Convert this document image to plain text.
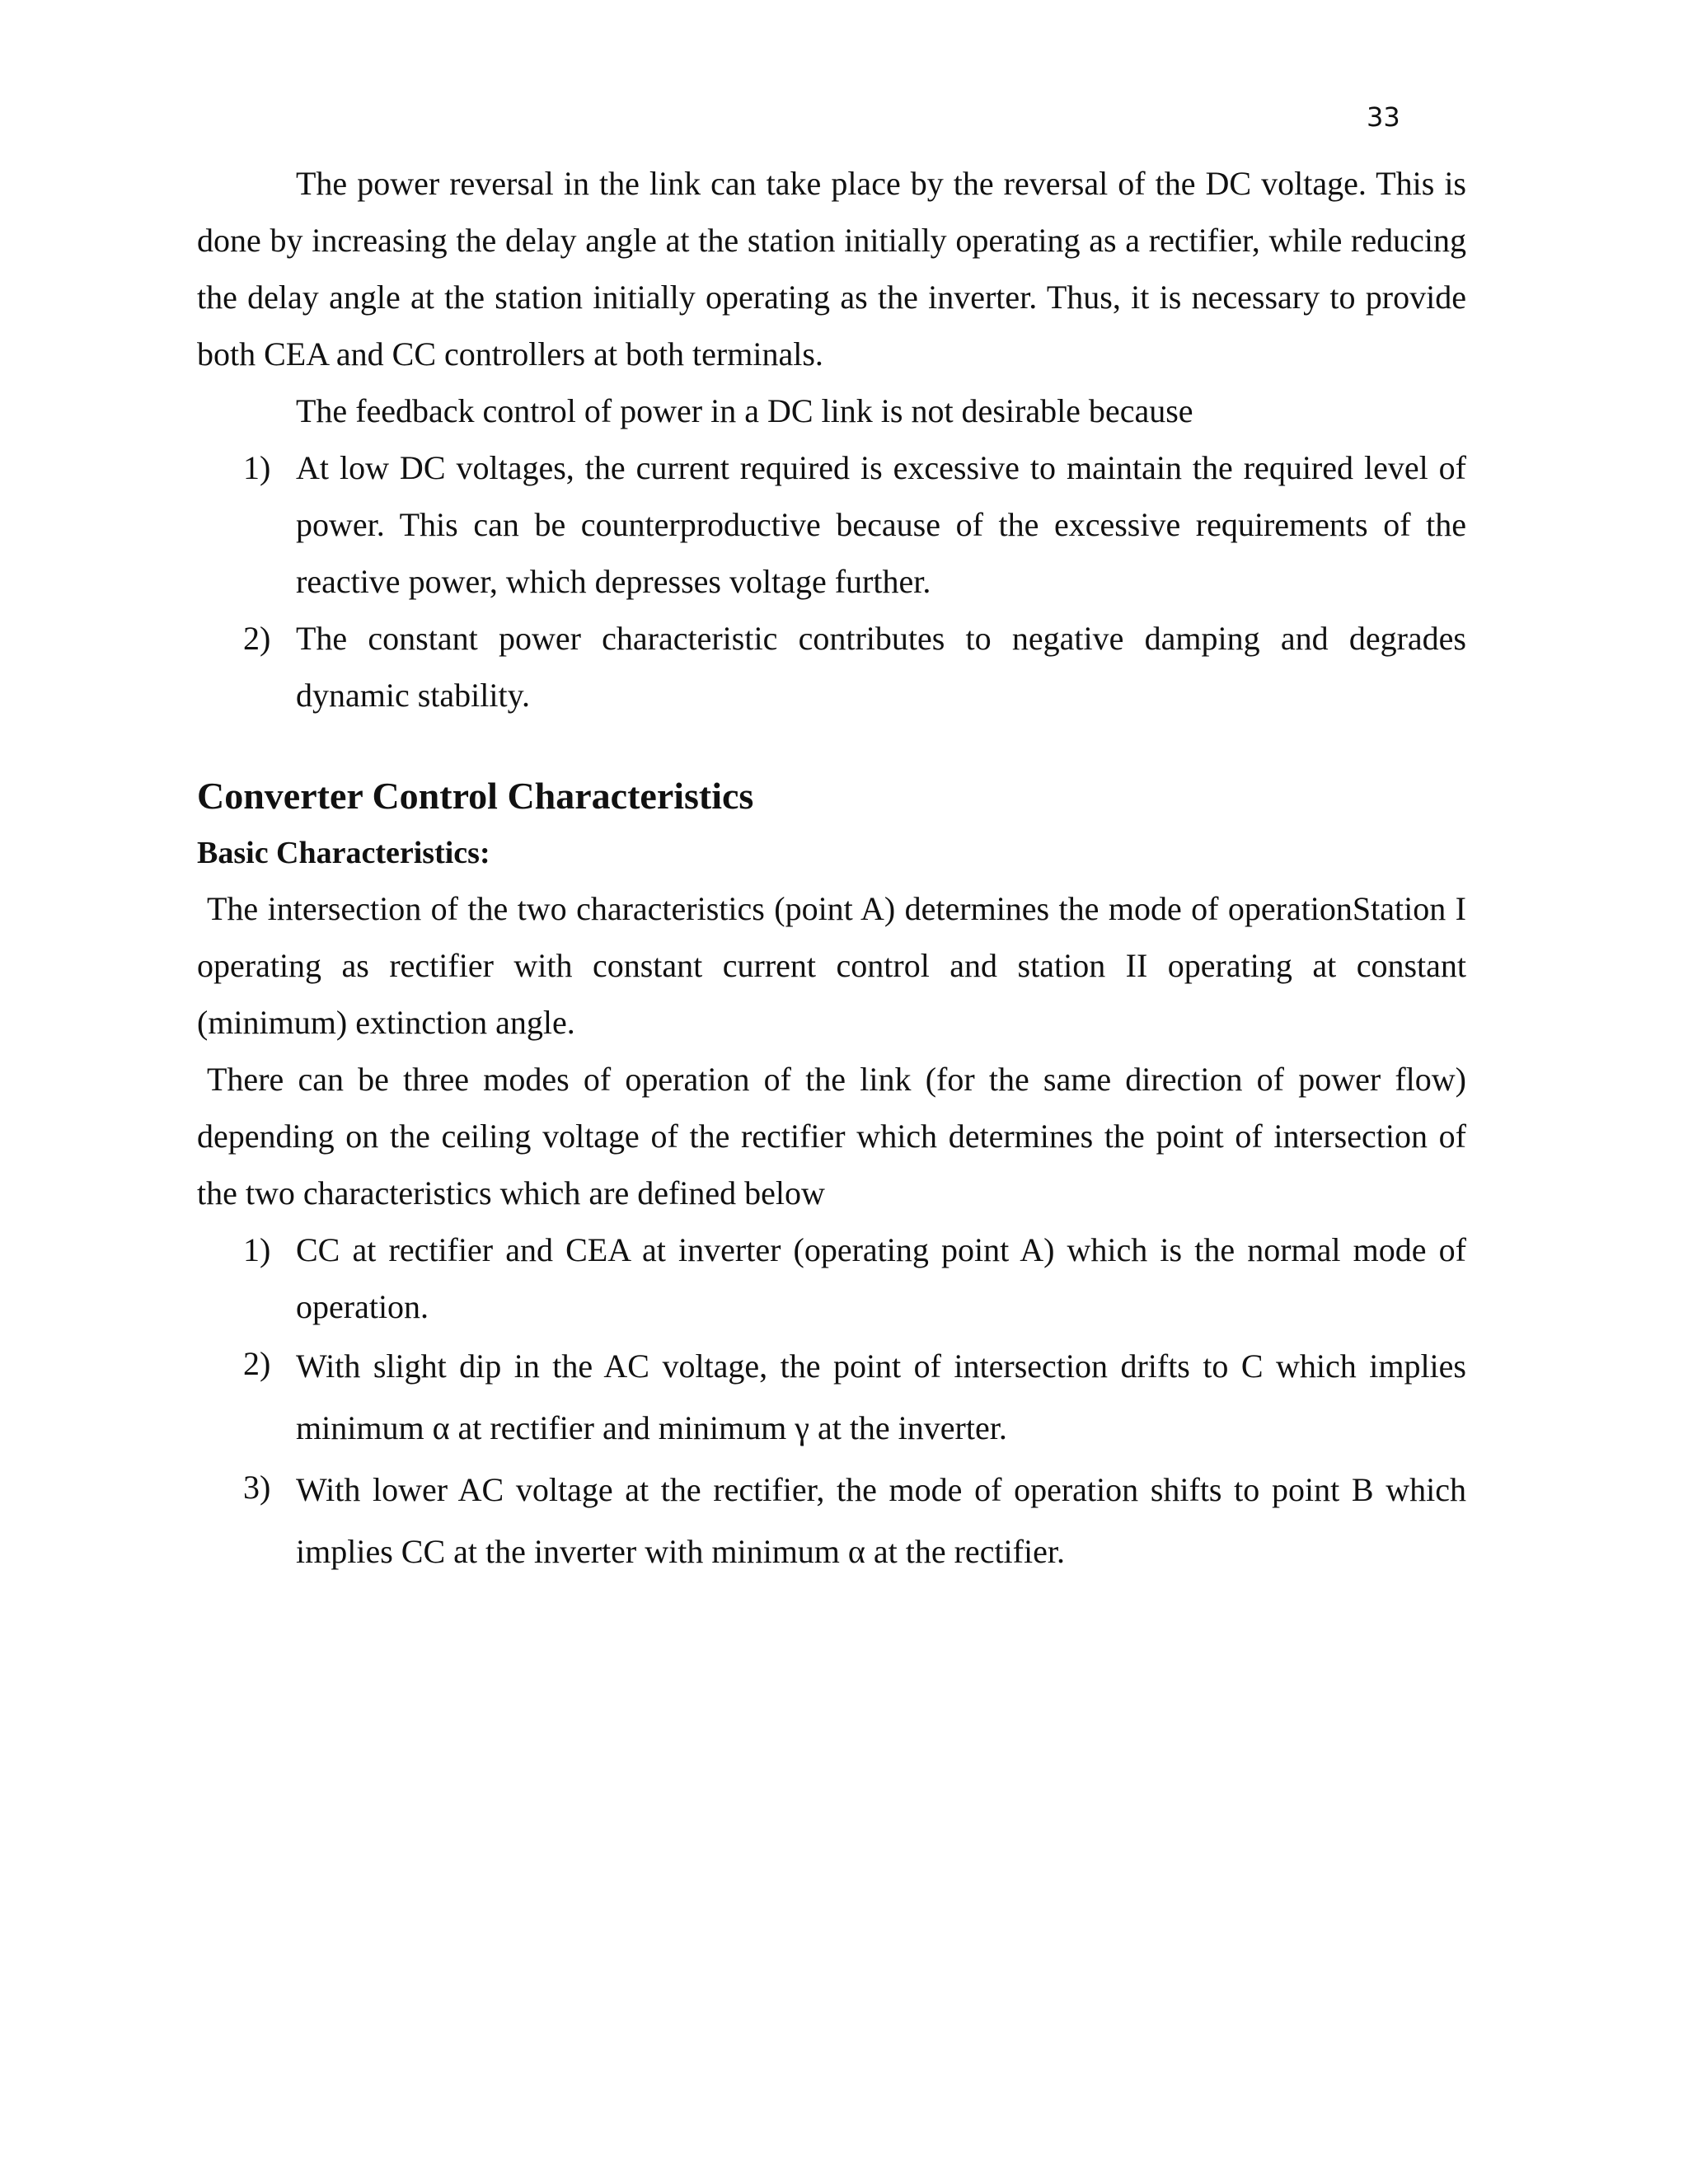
33

The power reversal in the link can take place by the reversal of the DC voltage. This is done by increasing the delay angle at the station initially operating as a rectifier, while reducing the delay angle at the station initially operating as the inverter. Thus, it is necessary to provide both CEA and CC controllers at both terminals.

The feedback control of power in a DC link is not desirable because

1) At low DC voltages, the current required is excessive to maintain the required level of power. This can be counterproductive because of the excessive requirements of the reactive power, which depresses voltage further.
2) The constant power characteristic contributes to negative damping and degrades dynamic stability.
Converter Control Characteristics
Basic Characteristics:

The intersection of the two characteristics (point A) determines the mode of operationStation I operating as rectifier with constant current control and station II operating at constant (minimum) extinction angle.

There can be three modes of operation of the link (for the same direction of power flow) depending on the ceiling voltage of the rectifier which determines the point of intersection of the two characteristics which are defined below

1) CC at rectifier and CEA at inverter (operating point A) which is the normal mode of operation.
2) With slight dip in the AC voltage, the point of intersection drifts to C which implies minimum α at rectifier and minimum γ at the inverter.
3) With lower AC voltage at the rectifier, the mode of operation shifts to point B which implies CC at the inverter with minimum α at the rectifier.
